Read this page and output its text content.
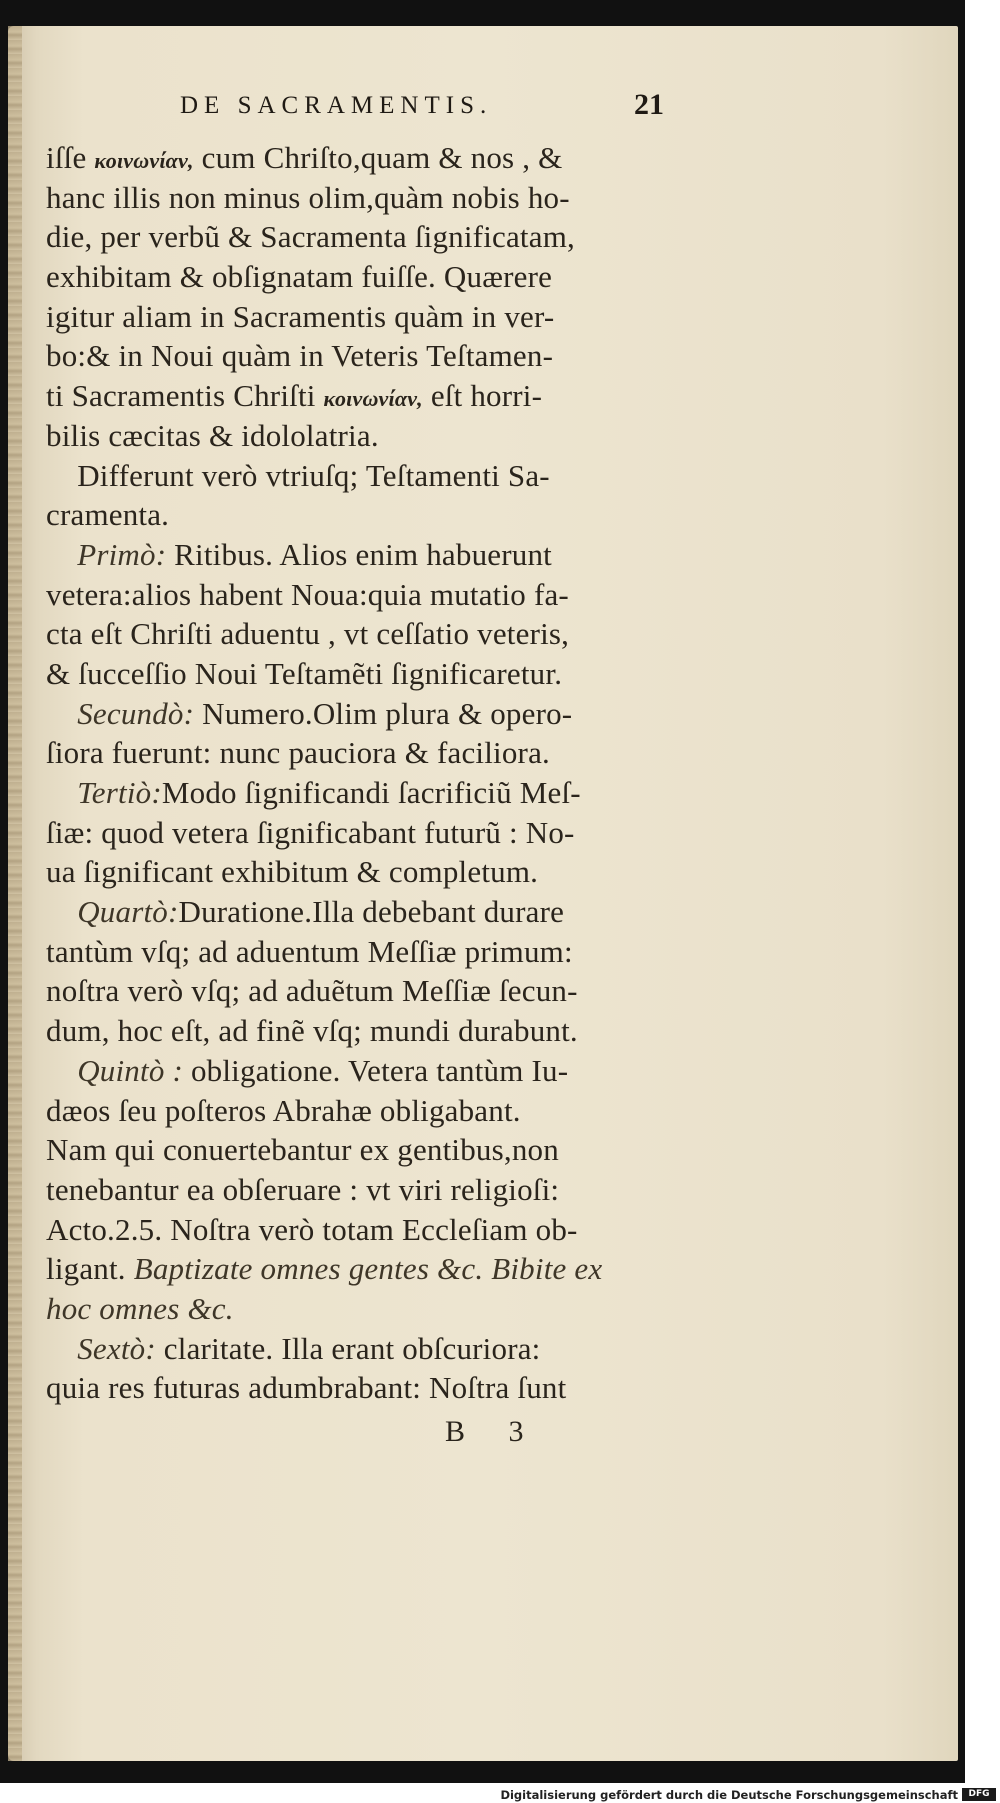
DE SACRAMENTIS.	21
iſſe κοινωνίαν, cum Chriſto,quam & nos , &
hanc illis non minus olim,quàm nobis ho-
die, per verbũ & Sacramenta ſignificatam,
exhibitam & obſignatam fuiſſe. Quærere
igitur aliam in Sacramentis quàm in ver-
bo:& in Noui quàm in Veteris Teſtamen-
ti Sacramentis Chriſti κοινωνίαν, eſt horri-
bilis cæcitas & idololatria.
 Differunt verò vtriuſq; Teſtamenti Sa-
cramenta.
 Primò: Ritibus. Alios enim habuerunt
vetera:alios habent Noua:quia mutatio fa-
cta eſt Chriſti aduentu , vt ceſſatio veteris,
& ſucceſſio Noui Teſtamẽti ſignificaretur.
 Secundò: Numero.Olim plura & opero-
ſiora fuerunt: nunc pauciora & faciliora.
 Tertiò:Modo ſignificandi ſacrificiũ Meſ-
ſiæ: quod vetera ſignificabant futurũ : No-
ua ſignificant exhibitum & completum.
 Quartò:Duratione.Illa debebant durare
tantùm vſq; ad aduentum Meſſiæ primum:
noſtra verò vſq; ad aduẽtum Meſſiæ ſecun-
dum, hoc eſt, ad finẽ vſq; mundi durabunt.
 Quintò : obligatione. Vetera tantùm Iu-
dæos ſeu poſteros Abrahæ obligabant.
Nam qui conuertebantur ex gentibus,non
tenebantur ea obſeruare : vt viri religioſi:
Acto.2.5. Noſtra verò totam Eccleſiam ob-
ligant. Baptizate omnes gentes &c. Bibite ex
hoc omnes &c.
 Sextò: claritate. Illa erant obſcuriora:
quia res futuras adumbrabant: Noſtra ſunt
B 3
Digitalisierung gefördert durch die Deutsche Forschungsgemeinschaft	DFG
